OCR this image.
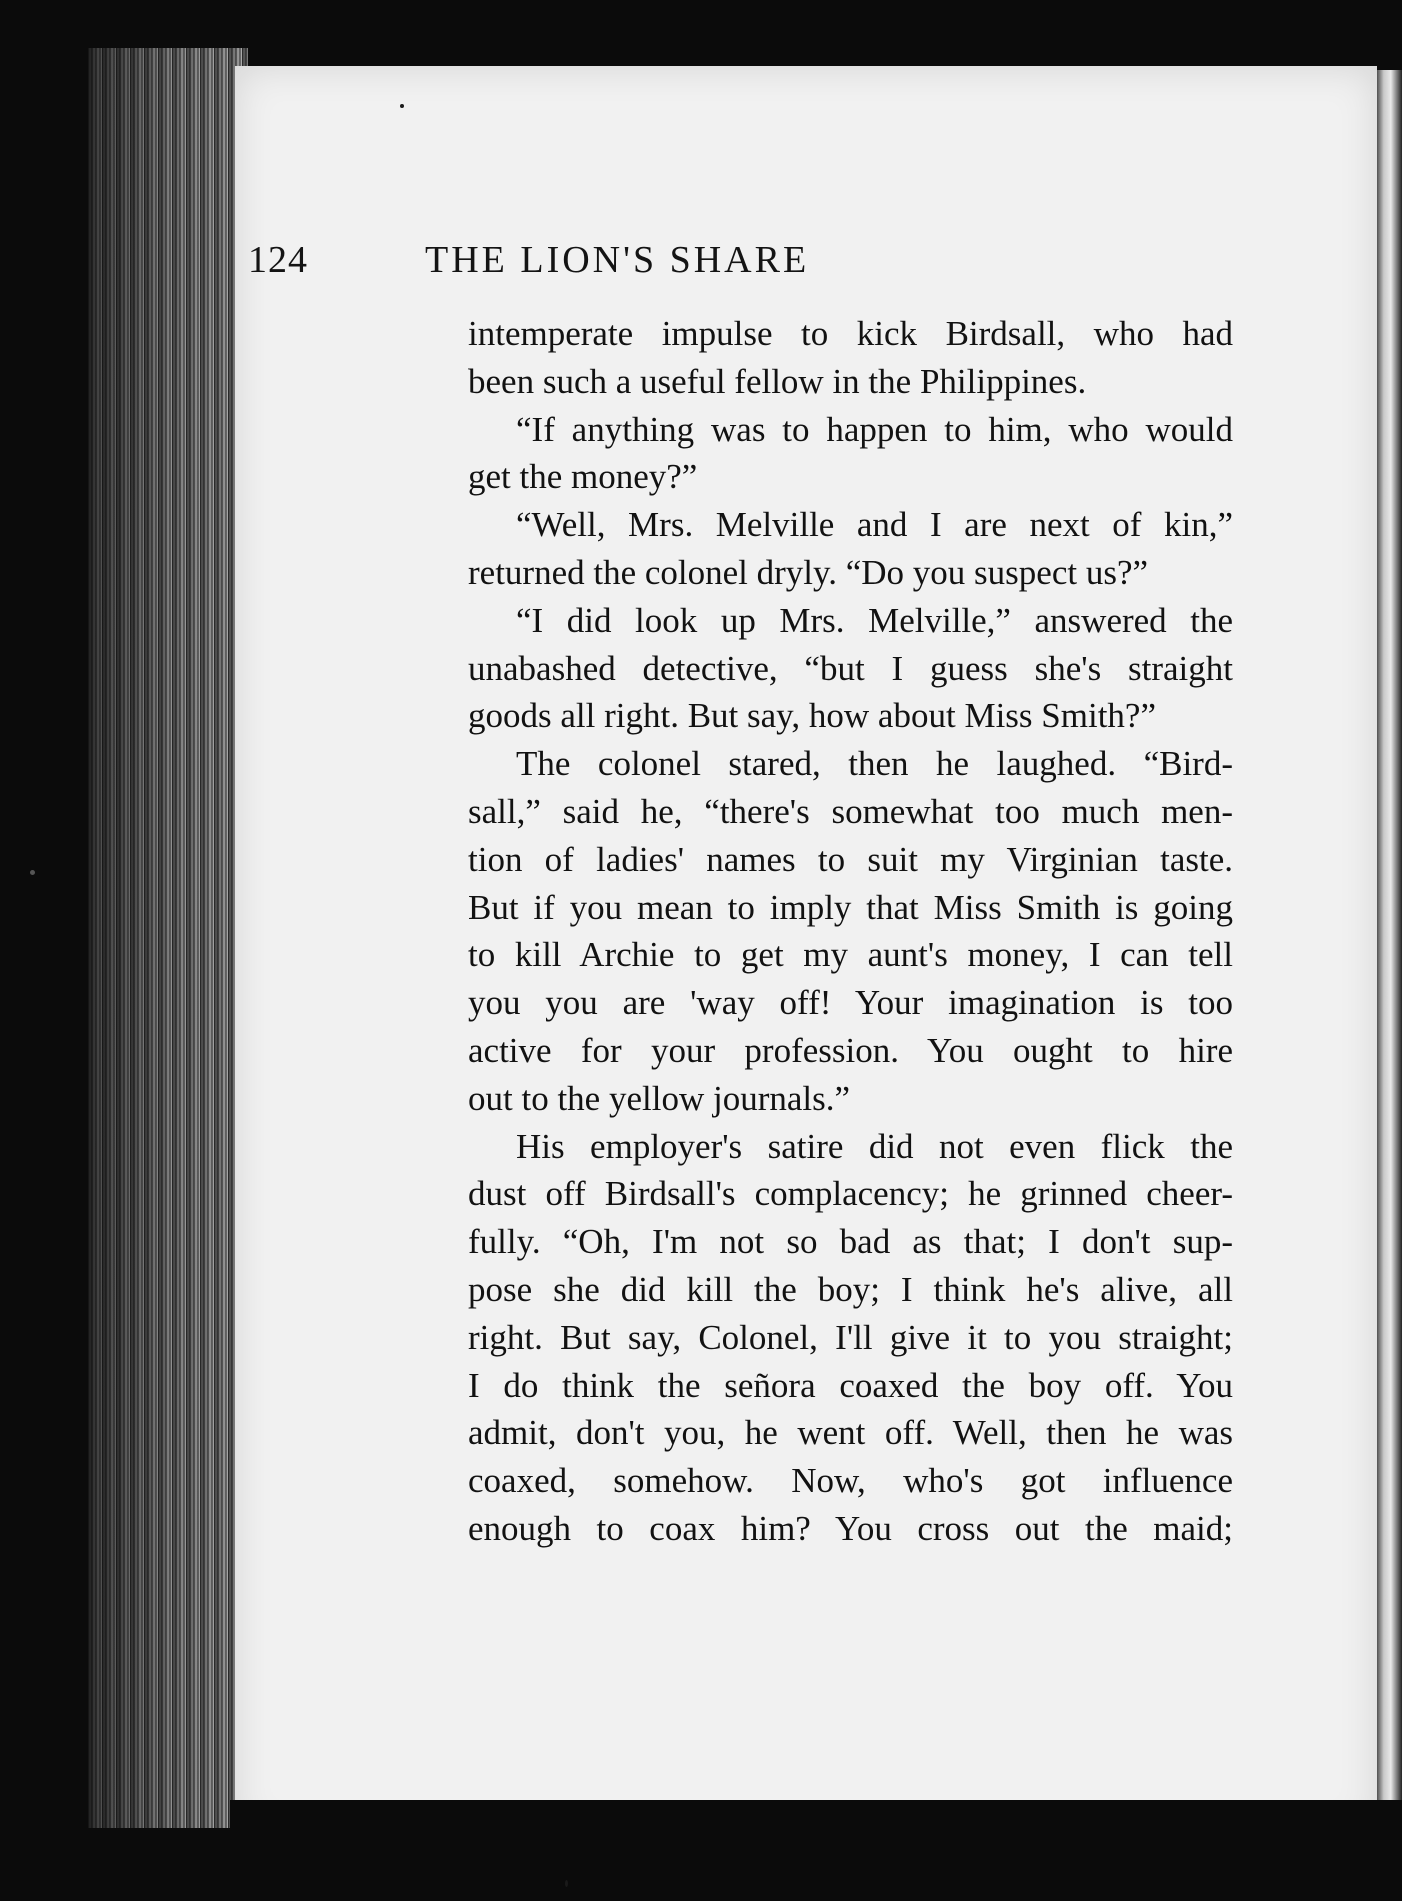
124	THE LION'S SHARE
intemperate impulse to kick Birdsall, who had
been such a useful fellow in the Philippines.
“If anything was to happen to him, who would
get the money?”
“Well, Mrs. Melville and I are next of kin,”
returned the colonel dryly. “Do you suspect us?”
“I did look up Mrs. Melville,” answered the
unabashed detective, “but I guess she's straight
goods all right. But say, how about Miss Smith?”
The colonel stared, then he laughed. “Bird-
sall,” said he, “there's somewhat too much men-
tion of ladies' names to suit my Virginian taste.
But if you mean to imply that Miss Smith is going
to kill Archie to get my aunt's money, I can tell
you you are 'way off! Your imagination is too
active for your profession. You ought to hire
out to the yellow journals.”
His employer's satire did not even flick the
dust off Birdsall's complacency; he grinned cheer-
fully. “Oh, I'm not so bad as that; I don't sup-
pose she did kill the boy; I think he's alive, all
right. But say, Colonel, I'll give it to you straight;
I do think the señora coaxed the boy off. You
admit, don't you, he went off. Well, then he was
coaxed, somehow. Now, who's got influence
enough to coax him? You cross out the maid;
